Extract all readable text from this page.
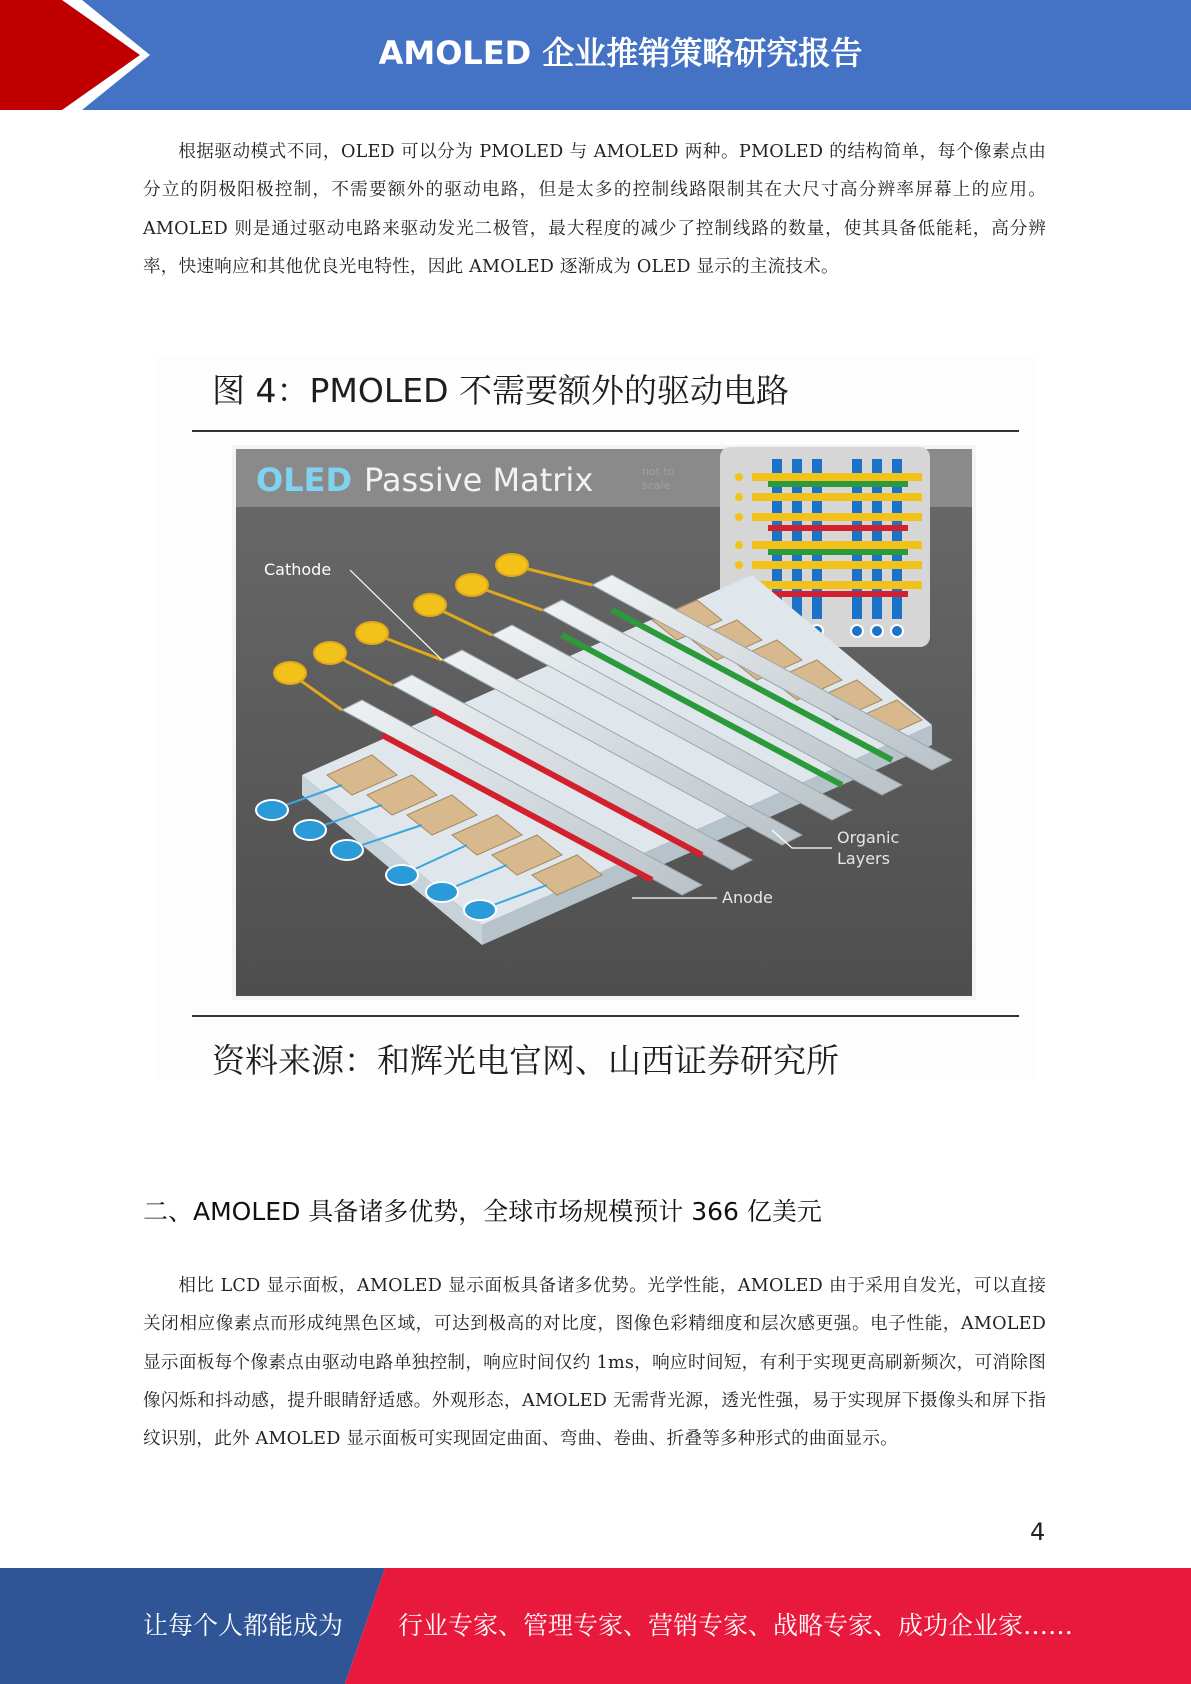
AMOLED 企业推销策略研究报告

根据驱动模式不同，OLED 可以分为 PMOLED 与 AMOLED 两种。PMOLED 的结构简单，每个像素点由分立的阴极阳极控制，不需要额外的驱动电路，但是太多的控制线路限制其在大尺寸高分辨率屏幕上的应用。AMOLED 则是通过驱动电路来驱动发光二极管，最大程度的减少了控制线路的数量，使其具备低能耗，高分辨率，快速响应和其他优良光电特性，因此 AMOLED 逐渐成为 OLED 显示的主流技术。

图 4：PMOLED 不需要额外的驱动电路
OLED Passive Matrix	not to
scale
Cathode
Organic
Layers
Anode
资料来源：和辉光电官网、山西证券研究所
二、AMOLED 具备诸多优势，全球市场规模预计 366 亿美元

相比 LCD 显示面板，AMOLED 显示面板具备诸多优势。光学性能，AMOLED 由于采用自发光，可以直接关闭相应像素点而形成纯黑色区域，可达到极高的对比度，图像色彩精细度和层次感更强。电子性能，AMOLED 显示面板每个像素点由驱动电路单独控制，响应时间仅约 1ms，响应时间短，有利于实现更高刷新频次，可消除图像闪烁和抖动感，提升眼睛舒适感。外观形态，AMOLED 无需背光源，透光性强，易于实现屏下摄像头和屏下指纹识别，此外 AMOLED 显示面板可实现固定曲面、弯曲、卷曲、折叠等多种形式的曲面显示。

4
让每个人都能成为 行业专家、管理专家、营销专家、战略专家、成功企业家……
